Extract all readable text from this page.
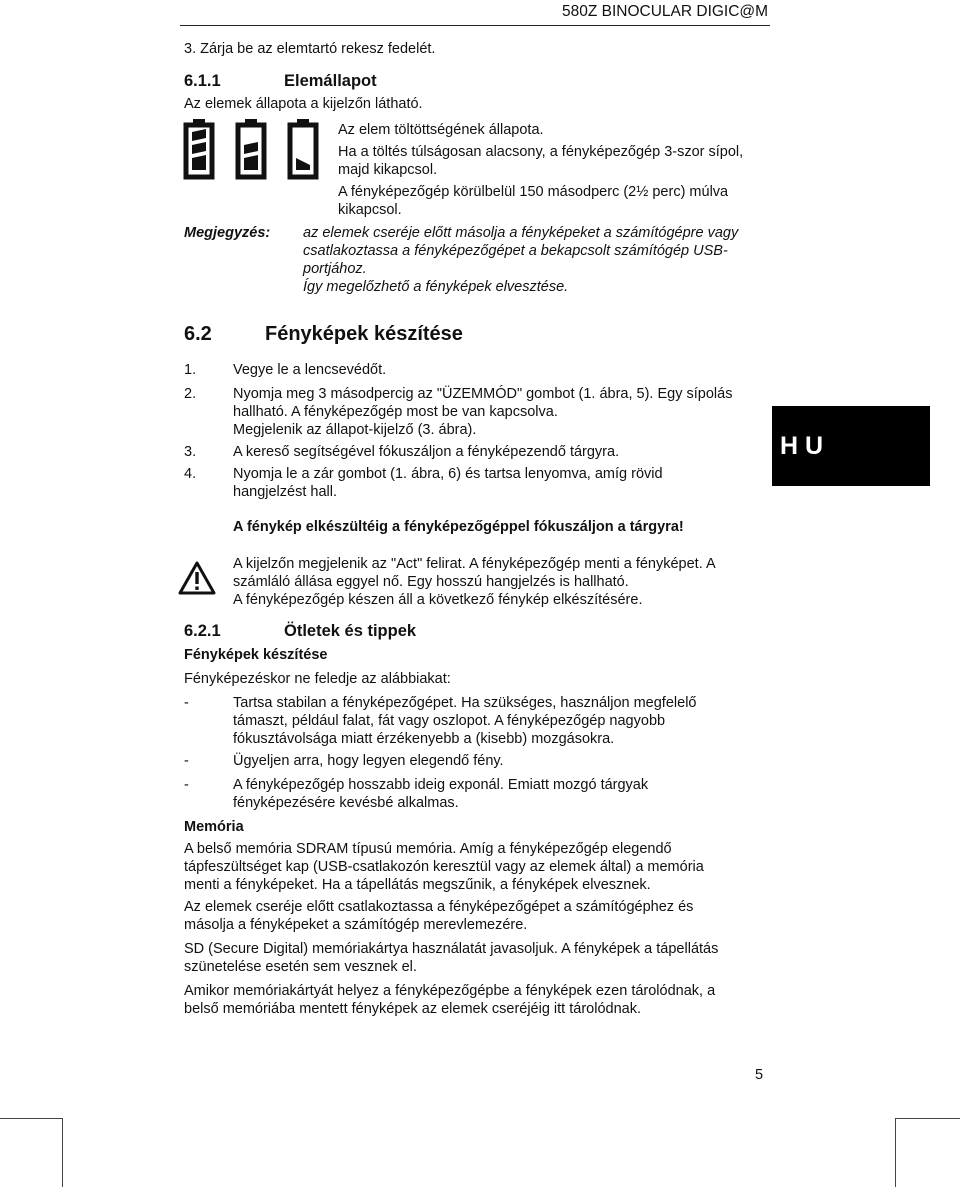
580Z BINOCULAR DIGIC@M
3. Zárja be az elemtartó rekesz fedelét.
6.1.1	Elemállapot
Az elemek állapota a kijelzőn látható.
Az elem töltöttségének állapota.
Ha a töltés túlságosan alacsony, a fényképezőgép 3-szor sípol,
majd kikapcsol.
A fényképezőgép körülbelül 150 másodperc (2½ perc) múlva
kikapcsol.
Megjegyzés: az elemek cseréje előtt másolja a fényképeket a számítógépre vagy
csatlakoztassa a fényképezőgépet a bekapcsolt számítógép USB-
portjához.
Így megelőzhető a fényképek elvesztése.
6.2	Fényképek készítése
1.	Vegye le a lencsevédőt.
2.	Nyomja meg 3 másodpercig az "ÜZEMMÓD" gombot (1. ábra, 5). Egy sípolás
hallható. A fényképezőgép most be van kapcsolva.
Megjelenik az állapot-kijelző (3. ábra).
3.	A kereső segítségével fókuszáljon a fényképezendő tárgyra.
4.	Nyomja le a zár gombot (1. ábra, 6) és tartsa lenyomva, amíg rövid
hangjelzést hall.
H U
A fénykép elkészültéig a fényképezőgéppel fókuszáljon a tárgyra!
A kijelzőn megjelenik az "Act" felirat. A fényképezőgép menti a fényképet. A
számláló állása eggyel nő. Egy hosszú hangjelzés is hallható.
A fényképezőgép készen áll a következő fénykép elkészítésére.
6.2.1	Ötletek és tippek
Fényképek készítése
Fényképezéskor ne feledje az alábbiakat:
-	Tartsa stabilan a fényképezőgépet. Ha szükséges, használjon megfelelő
támaszt, például falat, fát vagy oszlopot. A fényképezőgép nagyobb
fókusztávolsága miatt érzékenyebb a (kisebb) mozgásokra.
-	Ügyeljen arra, hogy legyen elegendő fény.
-	A fényképezőgép hosszabb ideig exponál. Emiatt mozgó tárgyak
fényképezésére kevésbé alkalmas.
Memória
A belső memória SDRAM típusú memória. Amíg a fényképezőgép elegendő
tápfeszültséget kap (USB-csatlakozón keresztül vagy az elemek által) a memória
menti a fényképeket. Ha a tápellátás megszűnik, a fényképek elvesznek.
Az elemek cseréje előtt csatlakoztassa a fényképezőgépet a számítógéphez és
másolja a fényképeket a számítógép merevlemezére.
SD (Secure Digital) memóriakártya használatát javasoljuk. A fényképek a tápellátás
szünetelése esetén sem vesznek el.
Amikor memóriakártyát helyez a fényképezőgépbe a fényképek ezen tárolódnak, a
belső memóriába mentett fényképek az elemek cseréjéig itt tárolódnak.
5
